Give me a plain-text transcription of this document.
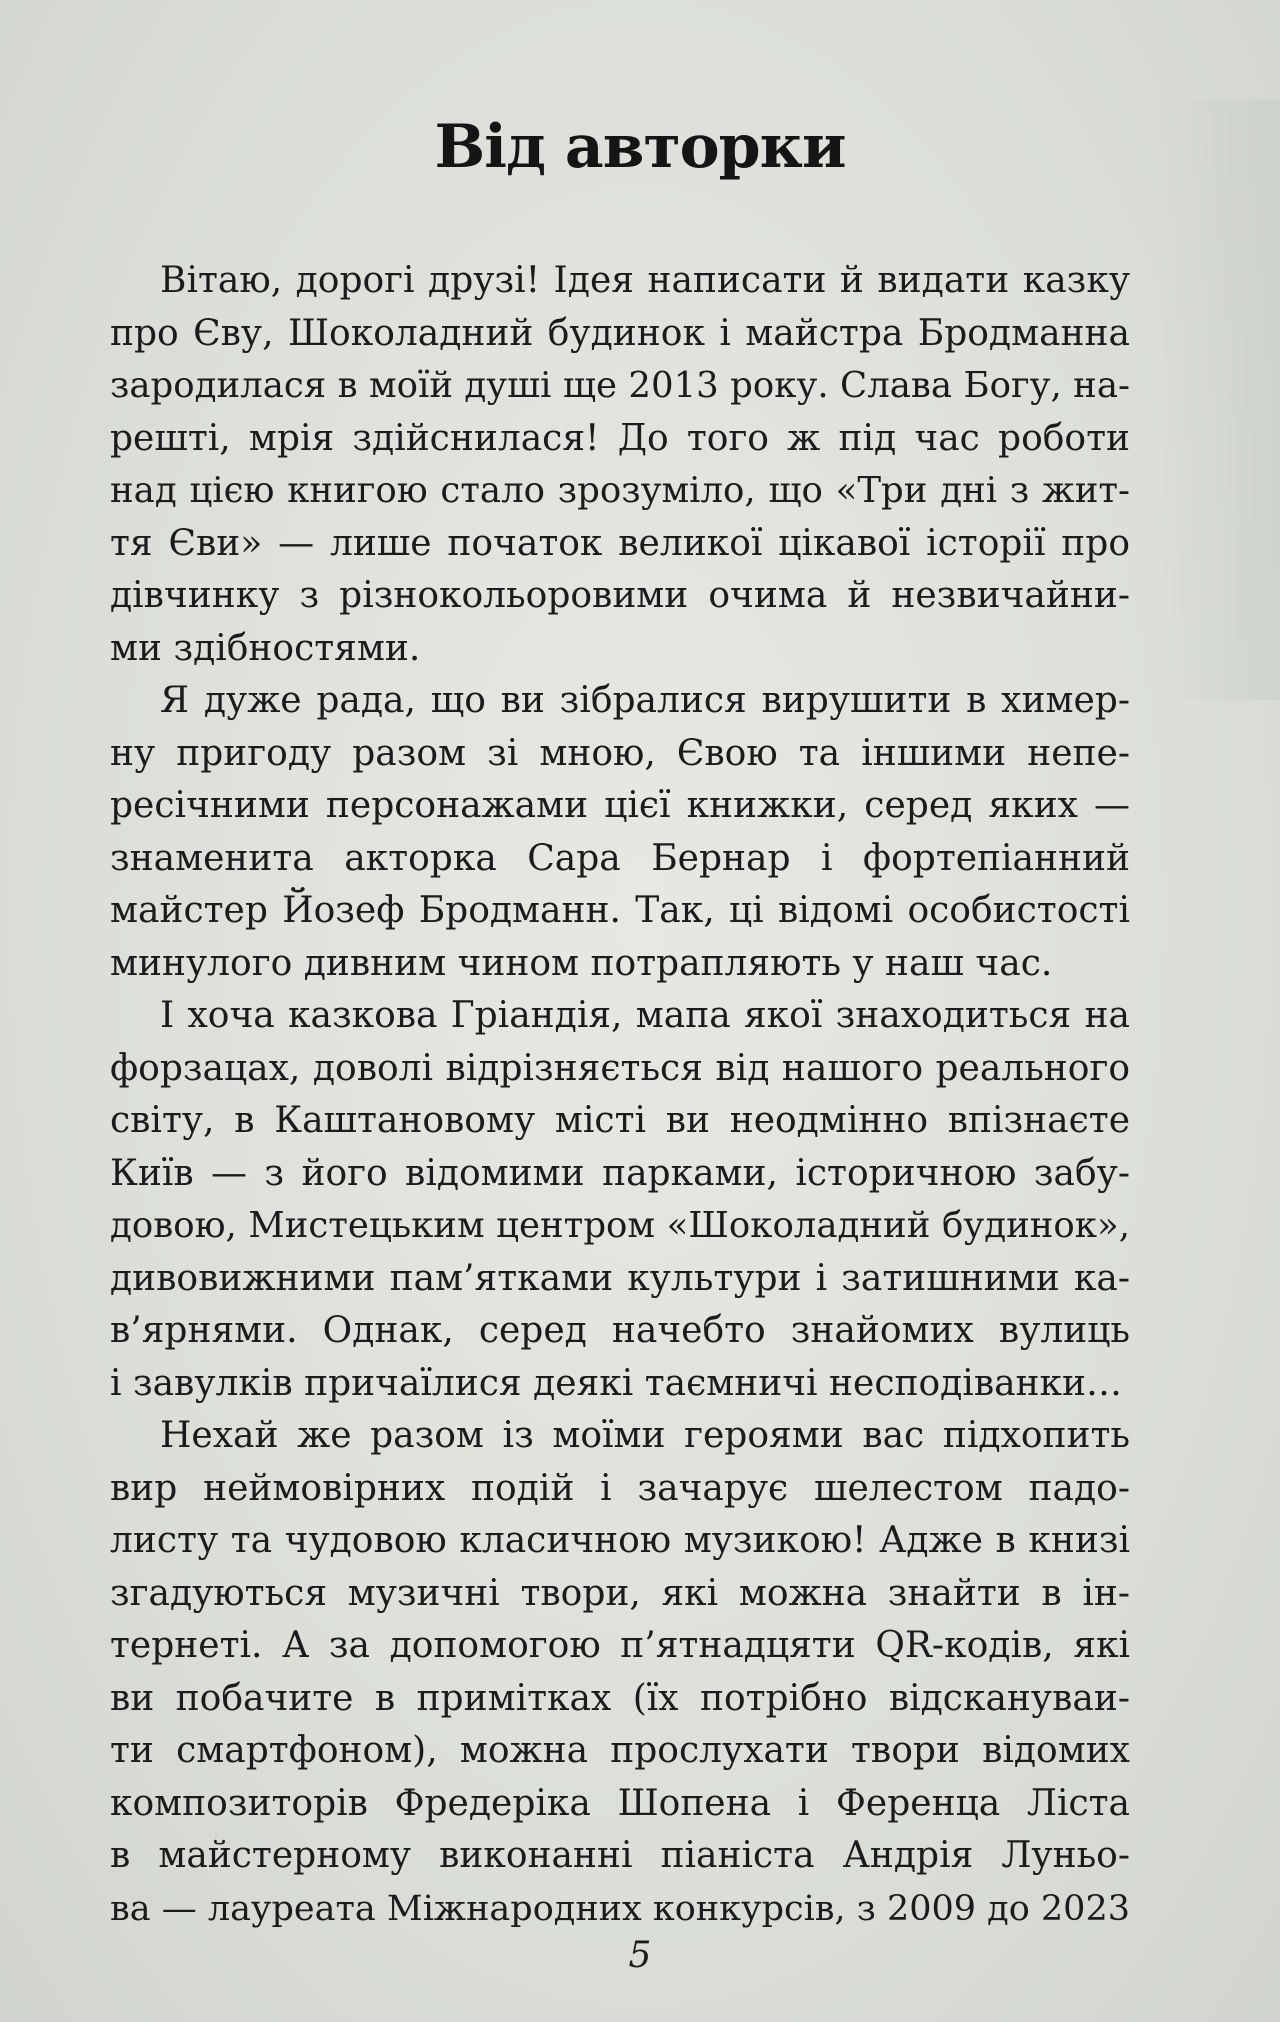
Від авторки
Вітаю, дорогі друзі! Ідея написати й видати казку
про Єву, Шоколадний будинок і майстра Бродманна
зародилася в моїй душі ще 2013 року. Слава Богу, на-
решті, мрія здійснилася! До того ж під час роботи
над цією книгою стало зрозуміло, що «Три дні з жит-
тя Єви» — лише початок великої цікавої історії про
дівчинку з різнокольоровими очима й незвичайни-
ми здібностями.
Я дуже рада, що ви зібралися вирушити в химер-
ну пригоду разом зі мною, Євою та іншими непе-
ресічними персонажами цієї книжки, серед яких —
знаменита акторка Сара Бернар і фортепіанний
майстер Йозеф Бродманн. Так, ці відомі особистості
минулого дивним чином потрапляють у наш час.
І хоча казкова Гріандія, мапа якої знаходиться на
форзацах, доволі відрізняється від нашого реального
світу, в Каштановому місті ви неодмінно впізнаєте
Київ — з його відомими парками, історичною забу-
довою, Мистецьким центром «Шоколадний будинок»,
дивовижними пам’ятками культури і затишними ка-
в’ярнями. Однак, серед начебто знайомих вулиць
і завулків причаїлися деякі таємничі несподіванки…
Нехай же разом із моїми героями вас підхопить
вир неймовірних подій і зачарує шелестом падо-
листу та чудовою класичною музикою! Адже в книзі
згадуються музичні твори, які можна знайти в ін-
тернеті. А за допомогою п’ятнадцяти QR-кодів, які
ви побачите в примітках (їх потрібно відскануваи-
ти смартфоном), можна прослухати твори відомих
композиторів Фредеріка Шопена і Ференца Ліста
в майстерному виконанні піаніста Андрія Луньо-
ва — лауреата Міжнародних конкурсів, з 2009 до 2023
5
